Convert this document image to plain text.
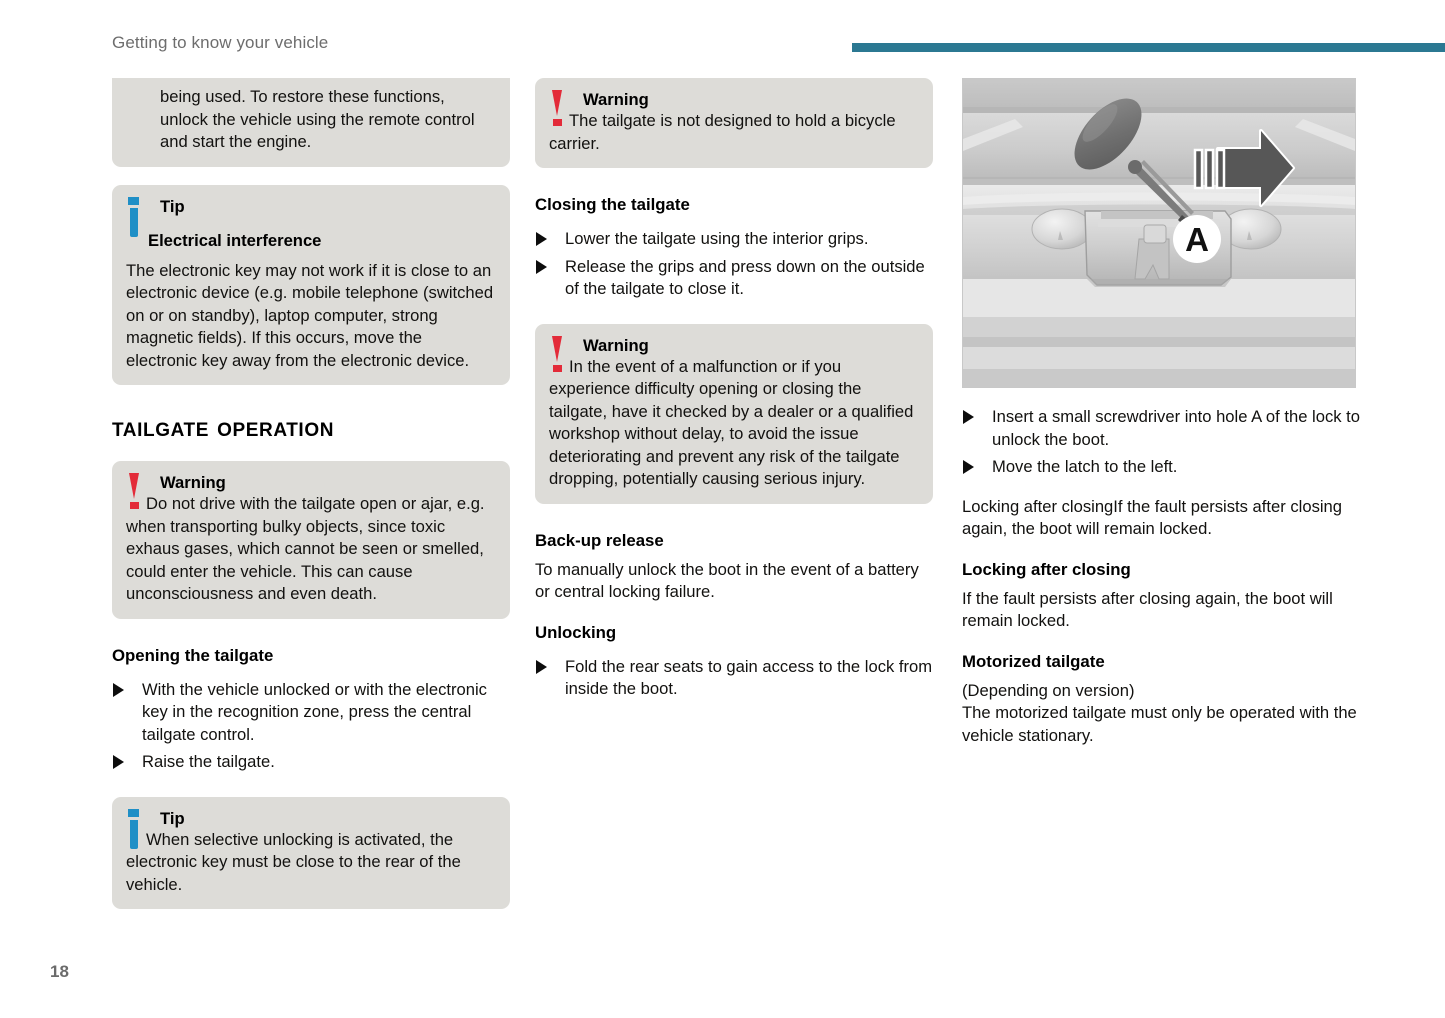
Getting to know your vehicle
being used. To restore these functions, unlock the vehicle using the remote control and start the engine.
Tip
Electrical interference
The electronic key may not work if it is close to an electronic device (e.g. mobile telephone (switched on or on standby), laptop computer, strong magnetic fields). If this occurs, move the electronic key away from the electronic device.
tailgate operation
Warning
Do not drive with the tailgate open or ajar, e.g. when transporting bulky objects, since toxic exhaus gases, which cannot be seen or smelled, could enter the vehicle. This can cause unconsciousness and even death.
Opening the tailgate
With the vehicle unlocked or with the electronic key in the recognition zone, press the central tailgate control.
Raise the tailgate.
Tip
When selective unlocking is activated, the electronic key must be close to the rear of the vehicle.
Warning
The tailgate is not designed to hold a bicycle carrier.
Closing the tailgate
Lower the tailgate using the interior grips.
Release the grips and press down on the outside of the tailgate to close it.
Warning
In the event of a malfunction or if you experience difficulty opening or closing the tailgate, have it checked by a dealer or a qualified workshop without delay, to avoid the issue deteriorating and prevent any risk of the tailgate dropping, potentially causing serious injury.
Back-up release

To manually unlock the boot in the event of a battery or central locking failure.

Unlocking
Fold the rear seats to gain access to the lock from inside the boot.
A
Insert a small screwdriver into hole A of the lock to unlock the boot.
Move the latch to the left.

Locking after closingIf the fault persists after closing again, the boot will remain locked.

Locking after closing

If the fault persists after closing again, the boot will remain locked.

Motorized tailgate

(Depending on version)

The motorized tailgate must only be operated with the vehicle stationary.

18
